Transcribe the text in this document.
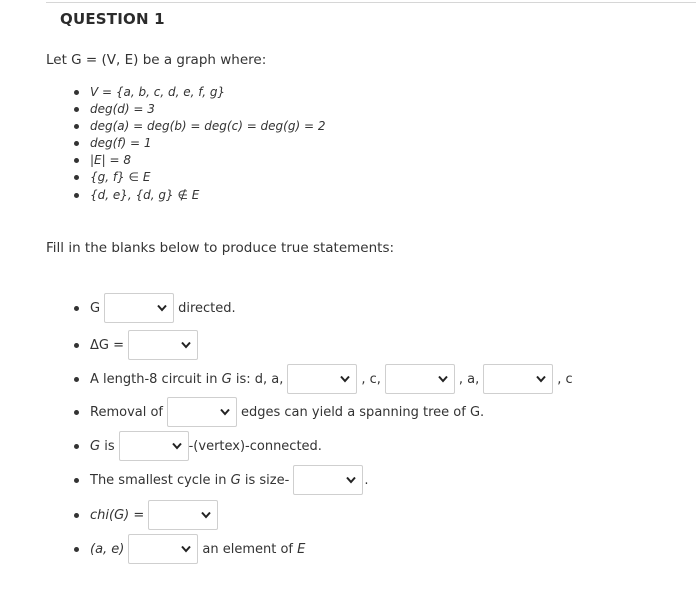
QUESTION 1
Let G = (V, E) be a graph where:
V = {a, b, c, d, e, f, g}
deg(d) = 3
deg(a) = deg(b) = deg(c) = deg(g) = 2
deg(f) = 1
|E| = 8
{g, f} ∈ E
{d, e}, {d, g} ∉ E
Fill in the blanks below to produce true statements:
G	directed.
ΔG =
A length-8 circuit in
G
is: d, a,	, c,	, a,	, c
Removal of	edges can yield a spanning tree of G.
G
is	-(vertex)-connected.
The smallest cycle in
G
is size-	.
chi(G) =
(a, e)	an element of
E
